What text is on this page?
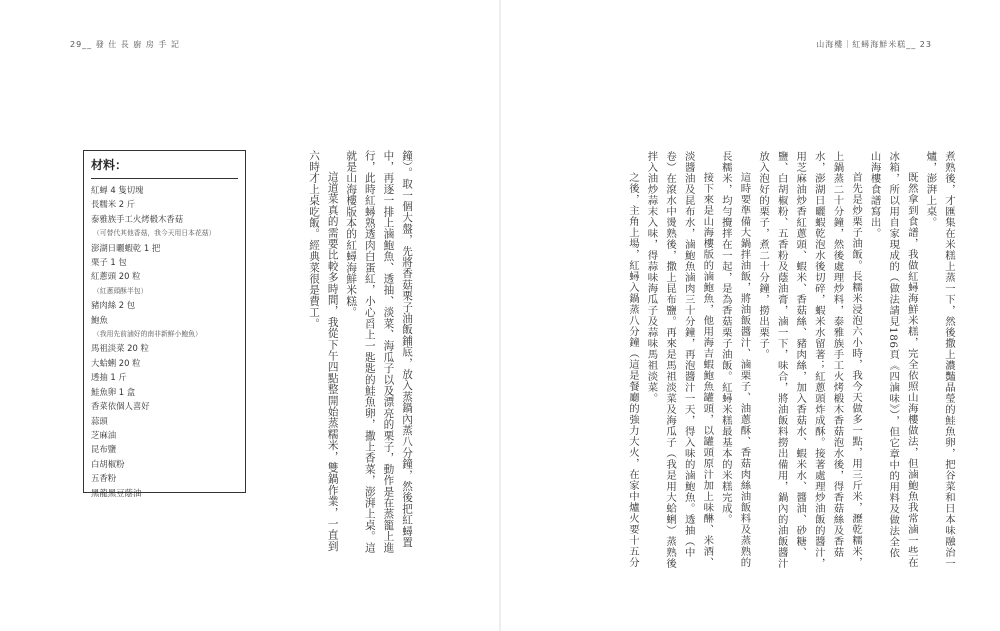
29__ 發 仕 長 廚 房 手 記	山海樓｜紅蟳海鮮米糕__ 23
材料：
紅蟳 4 隻切塊
長糯米 2 斤
泰雅族手工火烤椴木香菇
（可替代其他香菇，我今天用日本花菇）
澎湖日曬蝦乾 1 把
栗子 1 包
紅蔥頭 20 粒
（紅蔥頭酥半包）
豬肉絲 2 包
鮑魚
（我用先前滷好的南非新鮮小鮑魚）
馬祖淡菜 20 粒
大蛤蜊 20 粒
透抽 1 斤
鮭魚卵 1 盒
香菜依個人喜好
蒜頭
芝麻油
昆布鹽
白胡椒粉
五香粉
黑龍黑豆蔭油	鐘）。取一個大盤，先將香菇栗子油飯鋪底，放入蒸鍋內蒸八分鐘，然後把紅蟳置中，再逐一排上滷鮑魚、透抽、淡菜、海瓜子以及漂亮的栗子，動作是在蒸籠上進行，此時紅蟳熟透肉白蛋紅，小心舀上一匙匙的鮭魚卵，撒上香菜，澎湃上桌。這就是山海樓版本的紅蟳海鮮米糕。

這道菜真的需要比較多時間，我從下午四點整開始蒸糯米，雙鍋作業，一直到六時才上桌吃飯。經典菜很是費工。	煮熟後，才匯集在米糕上蒸一下，然後撒上濃豔晶瑩的鮭魚卵，把谷菜和日本味融治一爐，澎湃上桌。

既然拿到食譜，我做紅蟳海鮮米糕，完全依照山海樓做法，但滷鮑魚我常滷一些在冰箱，所以用自家現成的（做法請見186頁《四滷味》），但它章中的用料及做法全依山海樓食譜寫出。

首先是炒栗子油飯。長糯米浸泡六小時，我今天做多一點，用三斤米，瀝乾糯米，上鍋蒸二十分鐘，然後處理炒料，泰雅族手工火烤椴木香菇泡水後，得香菇絲及香菇水，澎湖日曬蝦乾泡水後切碎，蝦米水留著；紅蔥頭炸成酥。接著處理炒油飯的醬汁，用芝麻油炒香紅蔥頭、蝦米、香菇絲、豬肉絲，加入香菇水、蝦米水、醬油、砂糖、鹽、白胡椒粉、五香粉及蔭油膏，滷一下，味合，將油飯料撈出備用，鍋內的油飯醬汁放入泡好的栗子，煮二十分鐘，撈出栗子。

這時要準備大鍋拌油飯，將油飯醬汁、滷栗子、油蔥酥、香菇肉絲油飯料及蒸熟的長糯米，均勻攪拌在一起，是為香菇栗子油飯。紅蟳米糕最基本的米糕完成。

接下來是山海樓版的滷鮑魚，他用海吉蝦鮑魚罐頭，以罐頭原汁加上味醂、米酒、淡醬油及昆布水，滷鮑魚滷肉三十分鐘，再泡醬汁一天，得入味的滷鮑魚。透抽（中卷）在滾水中燙熟後，撒上昆布鹽。再來是馬祖淡菜及海瓜子（我是用大蛤蜊）蒸熟後拌入油炒蒜末入味，得蒜味海瓜子及蒜味馬祖淡菜。

之後，主角上場，紅蟳入鍋蒸八分鐘（這是餐廳的強力大火，在家中爐火要十五分
